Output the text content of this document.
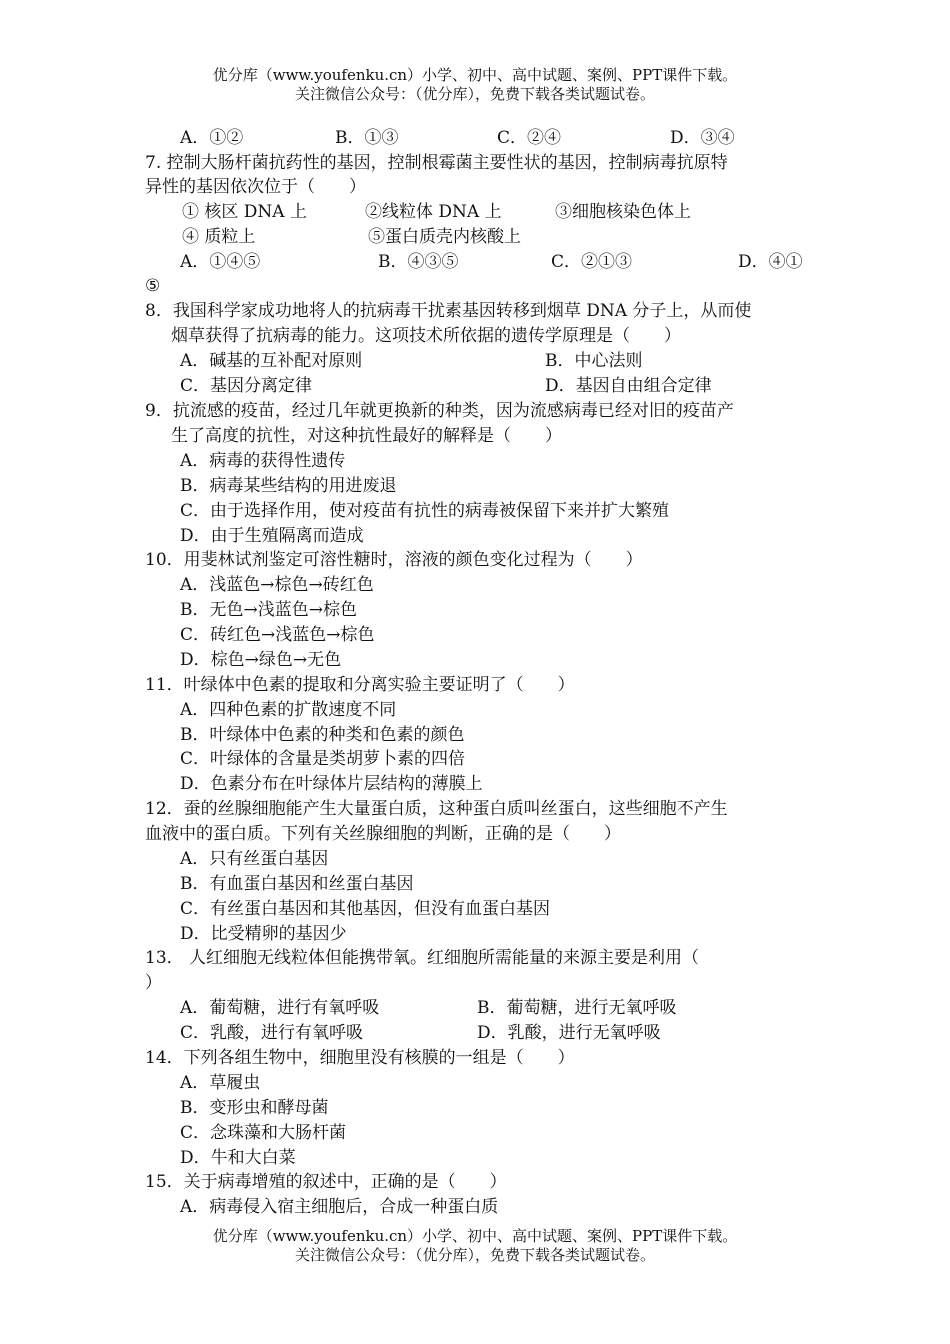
优分库（www.youfenku.cn）小学、初中、高中试题、案例、PPT课件下载。
关注微信公众号：（优分库），免费下载各类试题试卷。
A．①②	B．①③	C．②④	D．③④
7. 控制大肠杆菌抗药性的基因，控制根霉菌主要性状的基因，控制病毒抗原特
异性的基因依次位于（　　）
① 核区 DNA 上	②线粒体 DNA 上	③细胞核染色体上
④ 质粒上	⑤蛋白质壳内核酸上
A．①④⑤	B．④③⑤	C．②①③	D．④①
⑤
8．我国科学家成功地将人的抗病毒干扰素基因转移到烟草 DNA 分子上，从而使
烟草获得了抗病毒的能力。这项技术所依据的遗传学原理是（　　）
A．碱基的互补配对原则	B．中心法则
C．基因分离定律	D．基因自由组合定律
9．抗流感的疫苗，经过几年就更换新的种类，因为流感病毒已经对旧的疫苗产
生了高度的抗性，对这种抗性最好的解释是（　　）
A．病毒的获得性遗传
B．病毒某些结构的用进废退
C．由于选择作用，使对疫苗有抗性的病毒被保留下来并扩大繁殖
D．由于生殖隔离而造成
10．用斐林试剂鉴定可溶性糖时，溶液的颜色变化过程为（　　）
A．浅蓝色→棕色→砖红色
B．无色→浅蓝色→棕色
C．砖红色→浅蓝色→棕色
D．棕色→绿色→无色
11．叶绿体中色素的提取和分离实验主要证明了（　　）
A．四种色素的扩散速度不同
B．叶绿体中色素的种类和色素的颜色
C．叶绿体的含量是类胡萝卜素的四倍
D．色素分布在叶绿体片层结构的薄膜上
12．蚕的丝腺细胞能产生大量蛋白质，这种蛋白质叫丝蛋白，这些细胞不产生
血液中的蛋白质。下列有关丝腺细胞的判断，正确的是（　　）
A．只有丝蛋白基因
B．有血蛋白基因和丝蛋白基因
C．有丝蛋白基因和其他基因，但没有血蛋白基因
D．比受精卵的基因少
13． 人红细胞无线粒体但能携带氧。红细胞所需能量的来源主要是利用（
）
A．葡萄糖，进行有氧呼吸	B．葡萄糖，进行无氧呼吸
C．乳酸，进行有氧呼吸	D．乳酸，进行无氧呼吸
14．下列各组生物中，细胞里没有核膜的一组是（　　）
A．草履虫
B．变形虫和酵母菌
C．念珠藻和大肠杆菌
D．牛和大白菜
15．关于病毒增殖的叙述中，正确的是（　　）
A．病毒侵入宿主细胞后，合成一种蛋白质
优分库（www.youfenku.cn）小学、初中、高中试题、案例、PPT课件下载。
关注微信公众号：（优分库），免费下载各类试题试卷。
